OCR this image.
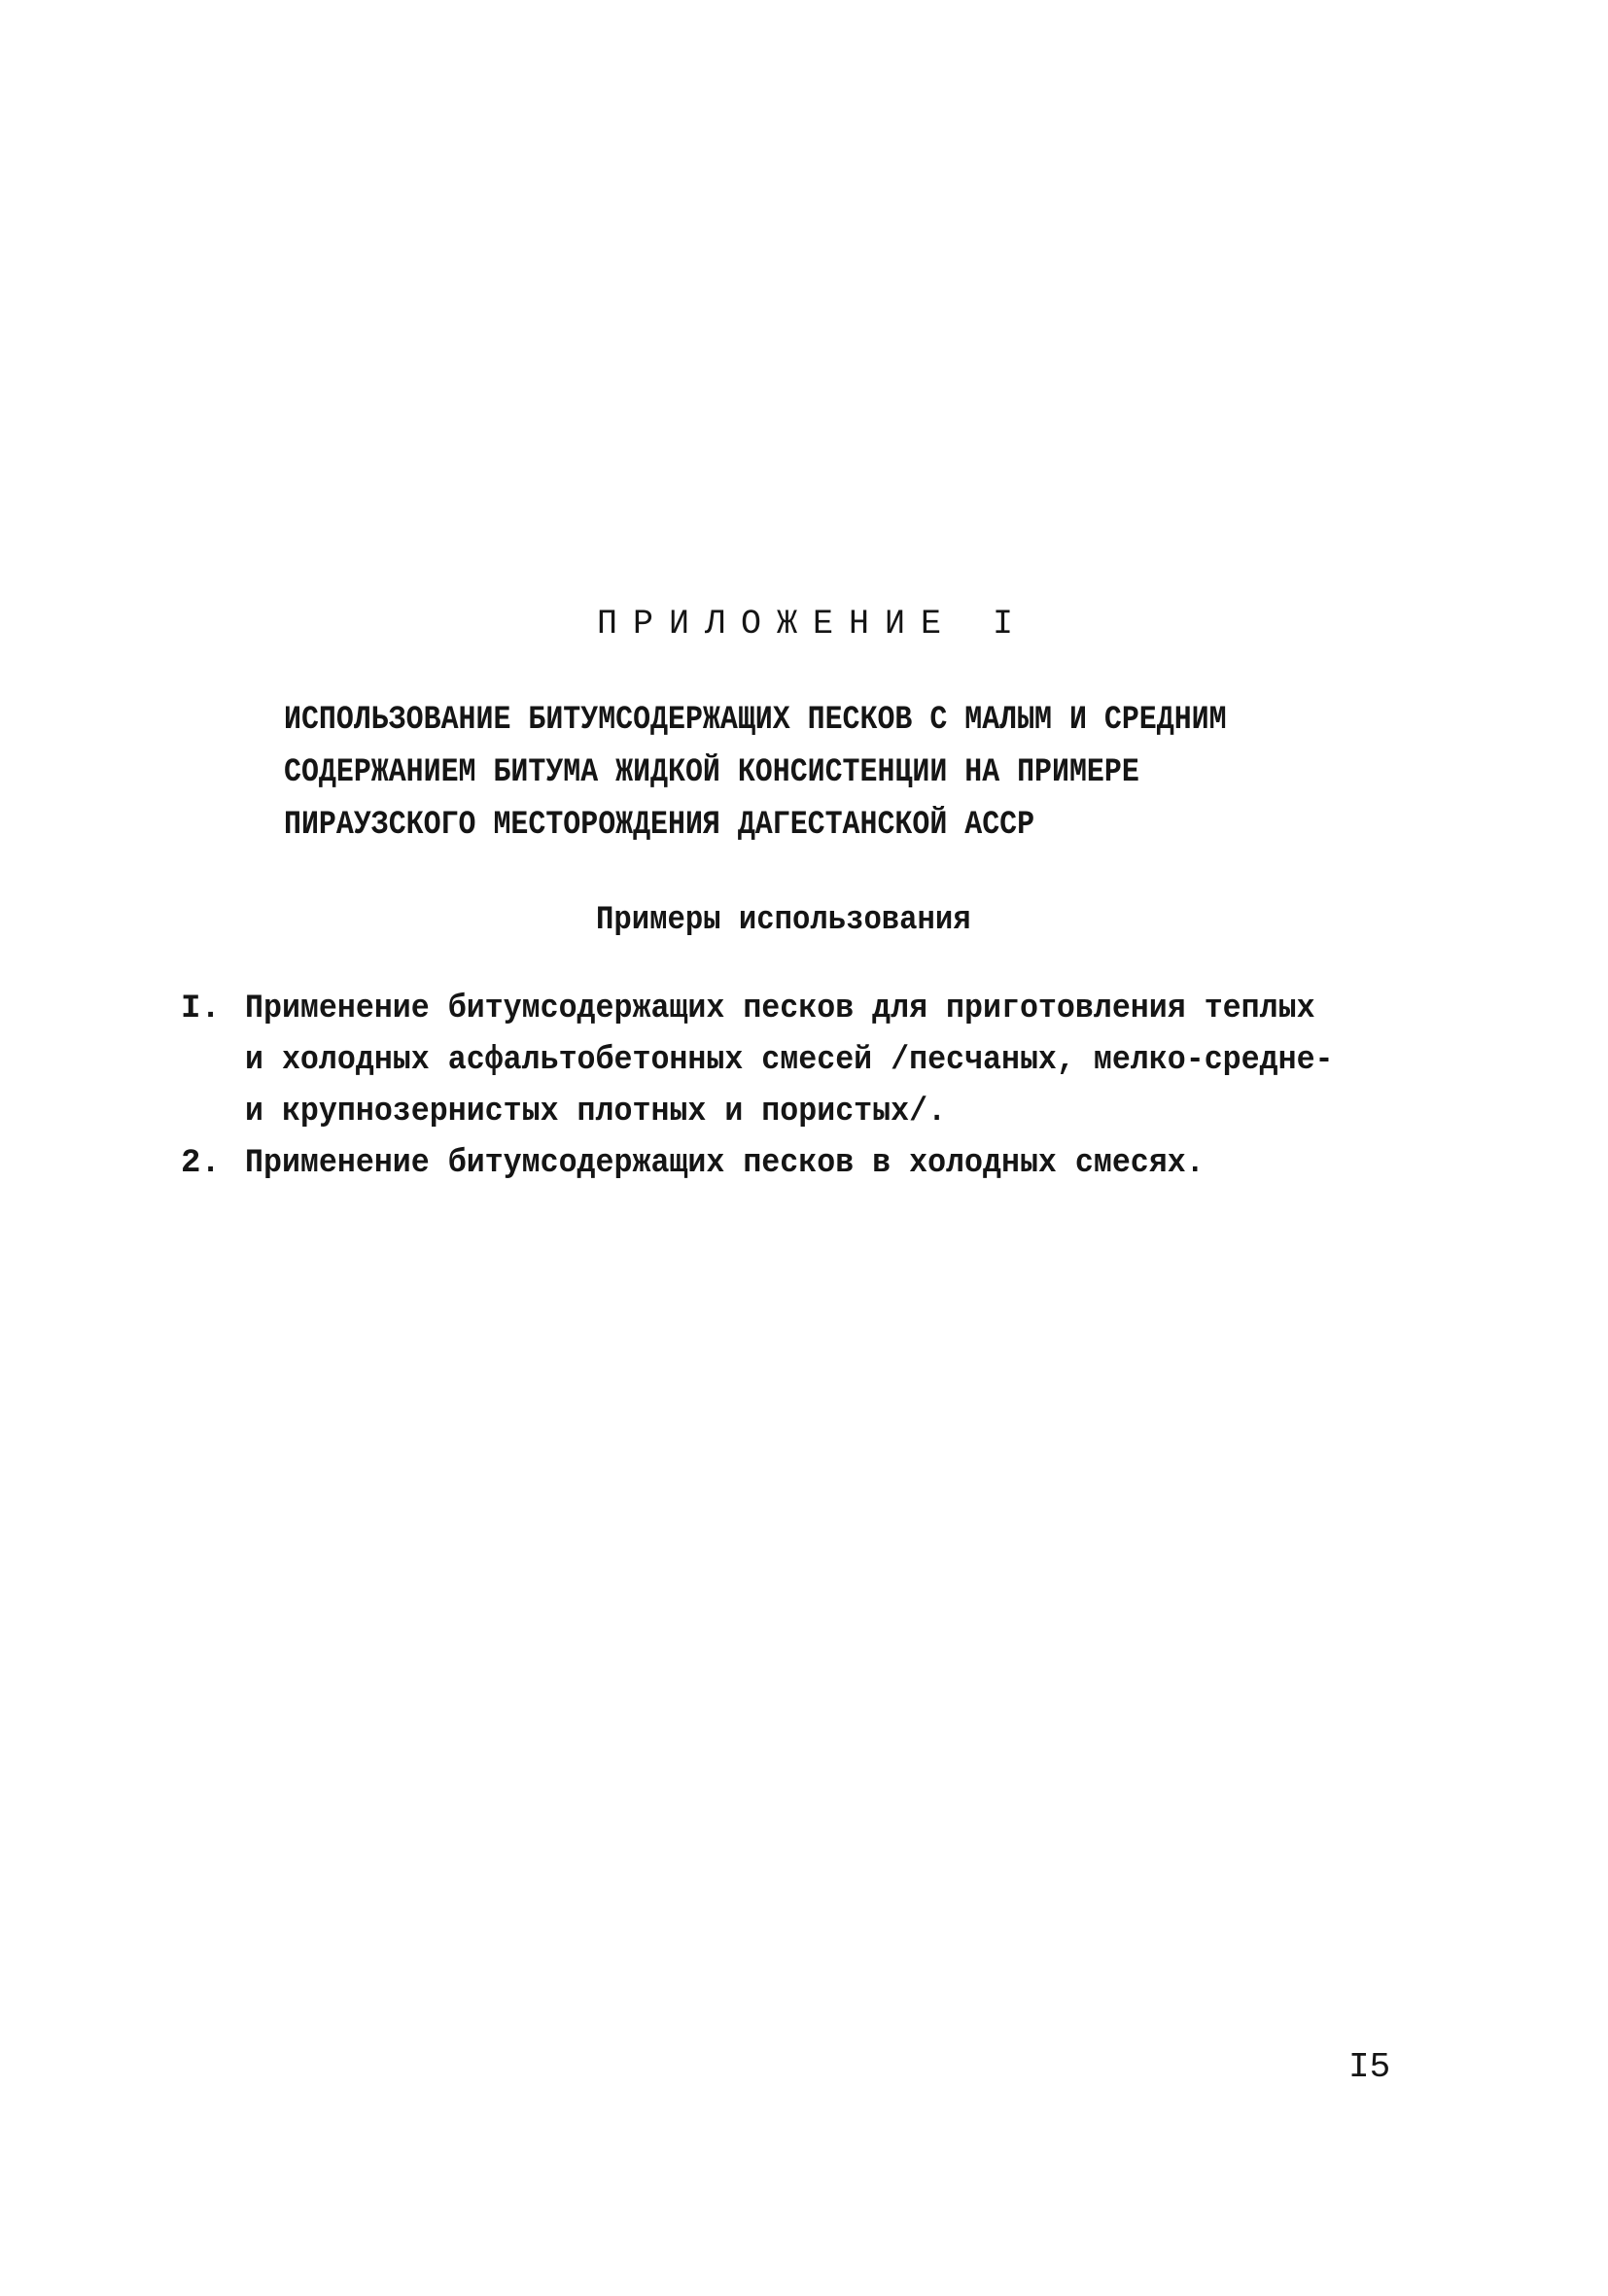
ПРИЛОЖЕНИЕ I
ИСПОЛЬЗОВАНИЕ БИТУМСОДЕРЖАЩИХ ПЕСКОВ С МАЛЫМ И СРЕДНИМ
СОДЕРЖАНИЕМ БИТУМА ЖИДКОЙ КОНСИСТЕНЦИИ НА ПРИМЕРЕ
ПИРАУЗСКОГО МЕСТОРОЖДЕНИЯ ДАГЕСТАНСКОЙ АССР
Примеры использования
I. Применение битумсодержащих песков для приготовления теплых
и холодных асфальтобетонных смесей /песчаных, мелко-средне-
и крупнозернистых плотных и пористых/.
2. Применение битумсодержащих песков в холодных смесях.
I5
